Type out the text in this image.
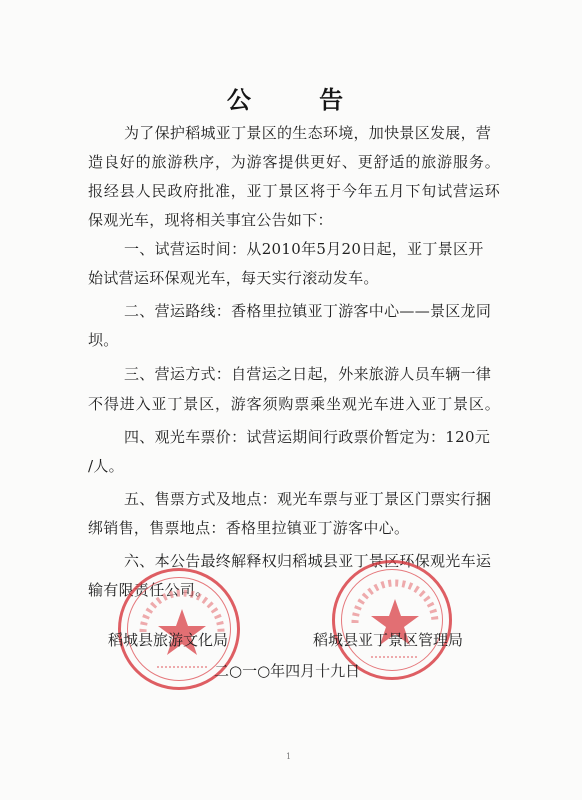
公 告
为了保护稻城亚丁景区的生态环境，加快景区发展，营
造良好的旅游秩序，为游客提供更好、更舒适的旅游服务。
报经县人民政府批准，亚丁景区将于今年五月下旬试营运环
保观光车，现将相关事宜公告如下：
一、试营运时间：从2010年5月20日起，亚丁景区开
始试营运环保观光车，每天实行滚动发车。
二、营运路线：香格里拉镇亚丁游客中心——景区龙同
坝。
三、营运方式：自营运之日起，外来旅游人员车辆一律
不得进入亚丁景区，游客须购票乘坐观光车进入亚丁景区。
四、观光车票价：试营运期间行政票价暂定为：120元
/人。
五、售票方式及地点：观光车票与亚丁景区门票实行捆
绑销售，售票地点：香格里拉镇亚丁游客中心。
六、本公告最终解释权归稻城县亚丁景区环保观光车运
输有限责任公司。
稻城县旅游文化局	稻城县亚丁景区管理局
二○一○年四月十九日
1
